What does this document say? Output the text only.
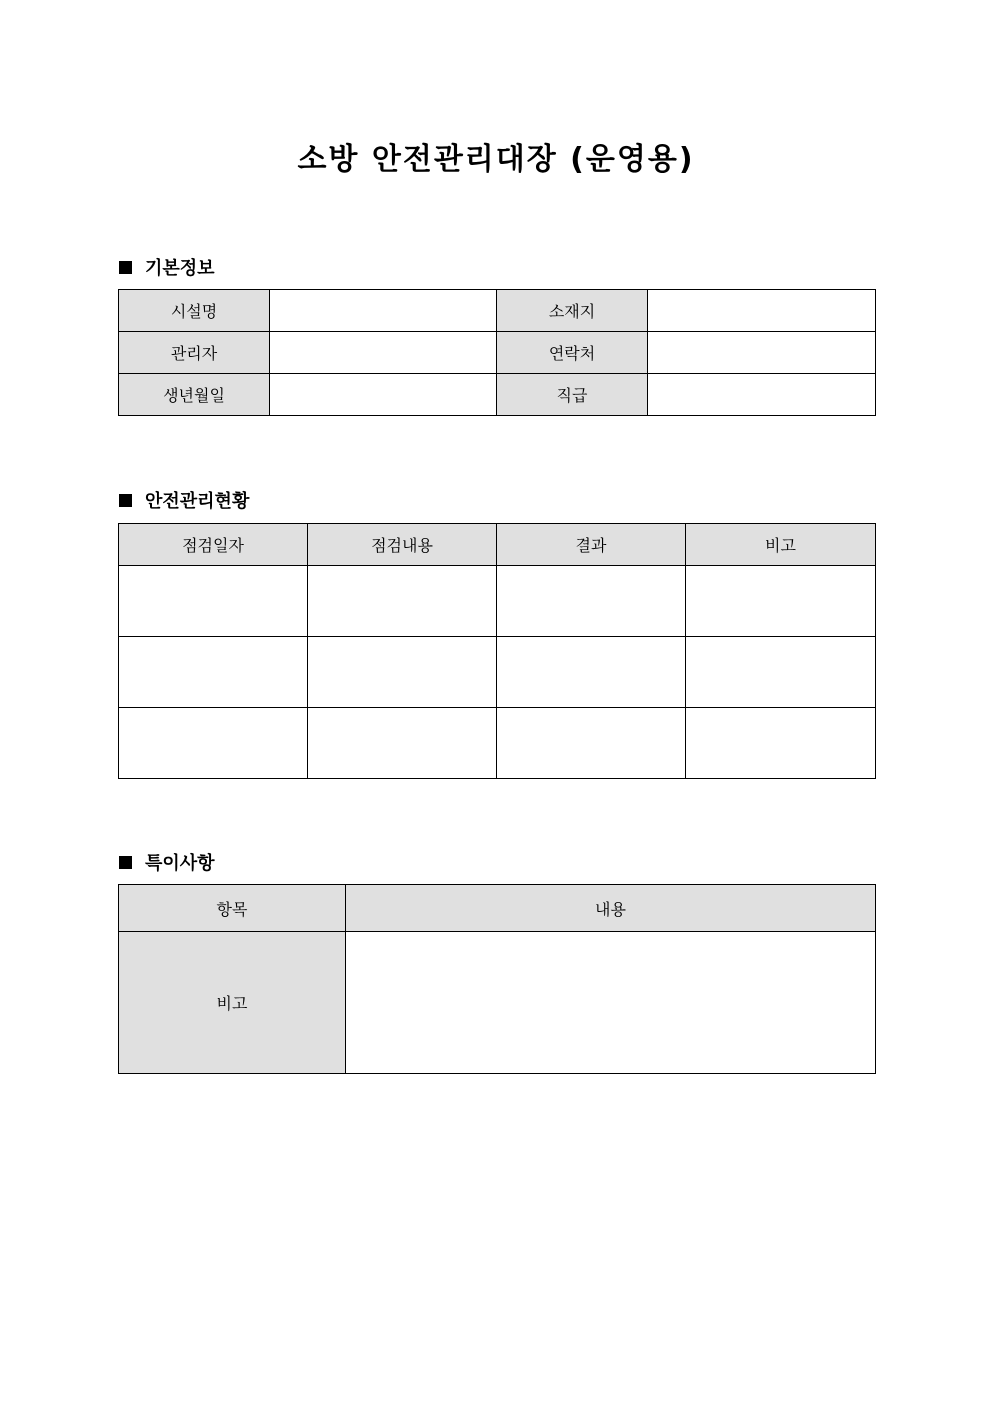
소방 안전관리대장 (운영용)
기본정보
시설명		소재지	
관리자		연락처	
생년월일		직급	
안전관리현황
점검일자	점검내용	결과	비고

특이사항
항목	내용
비고	
